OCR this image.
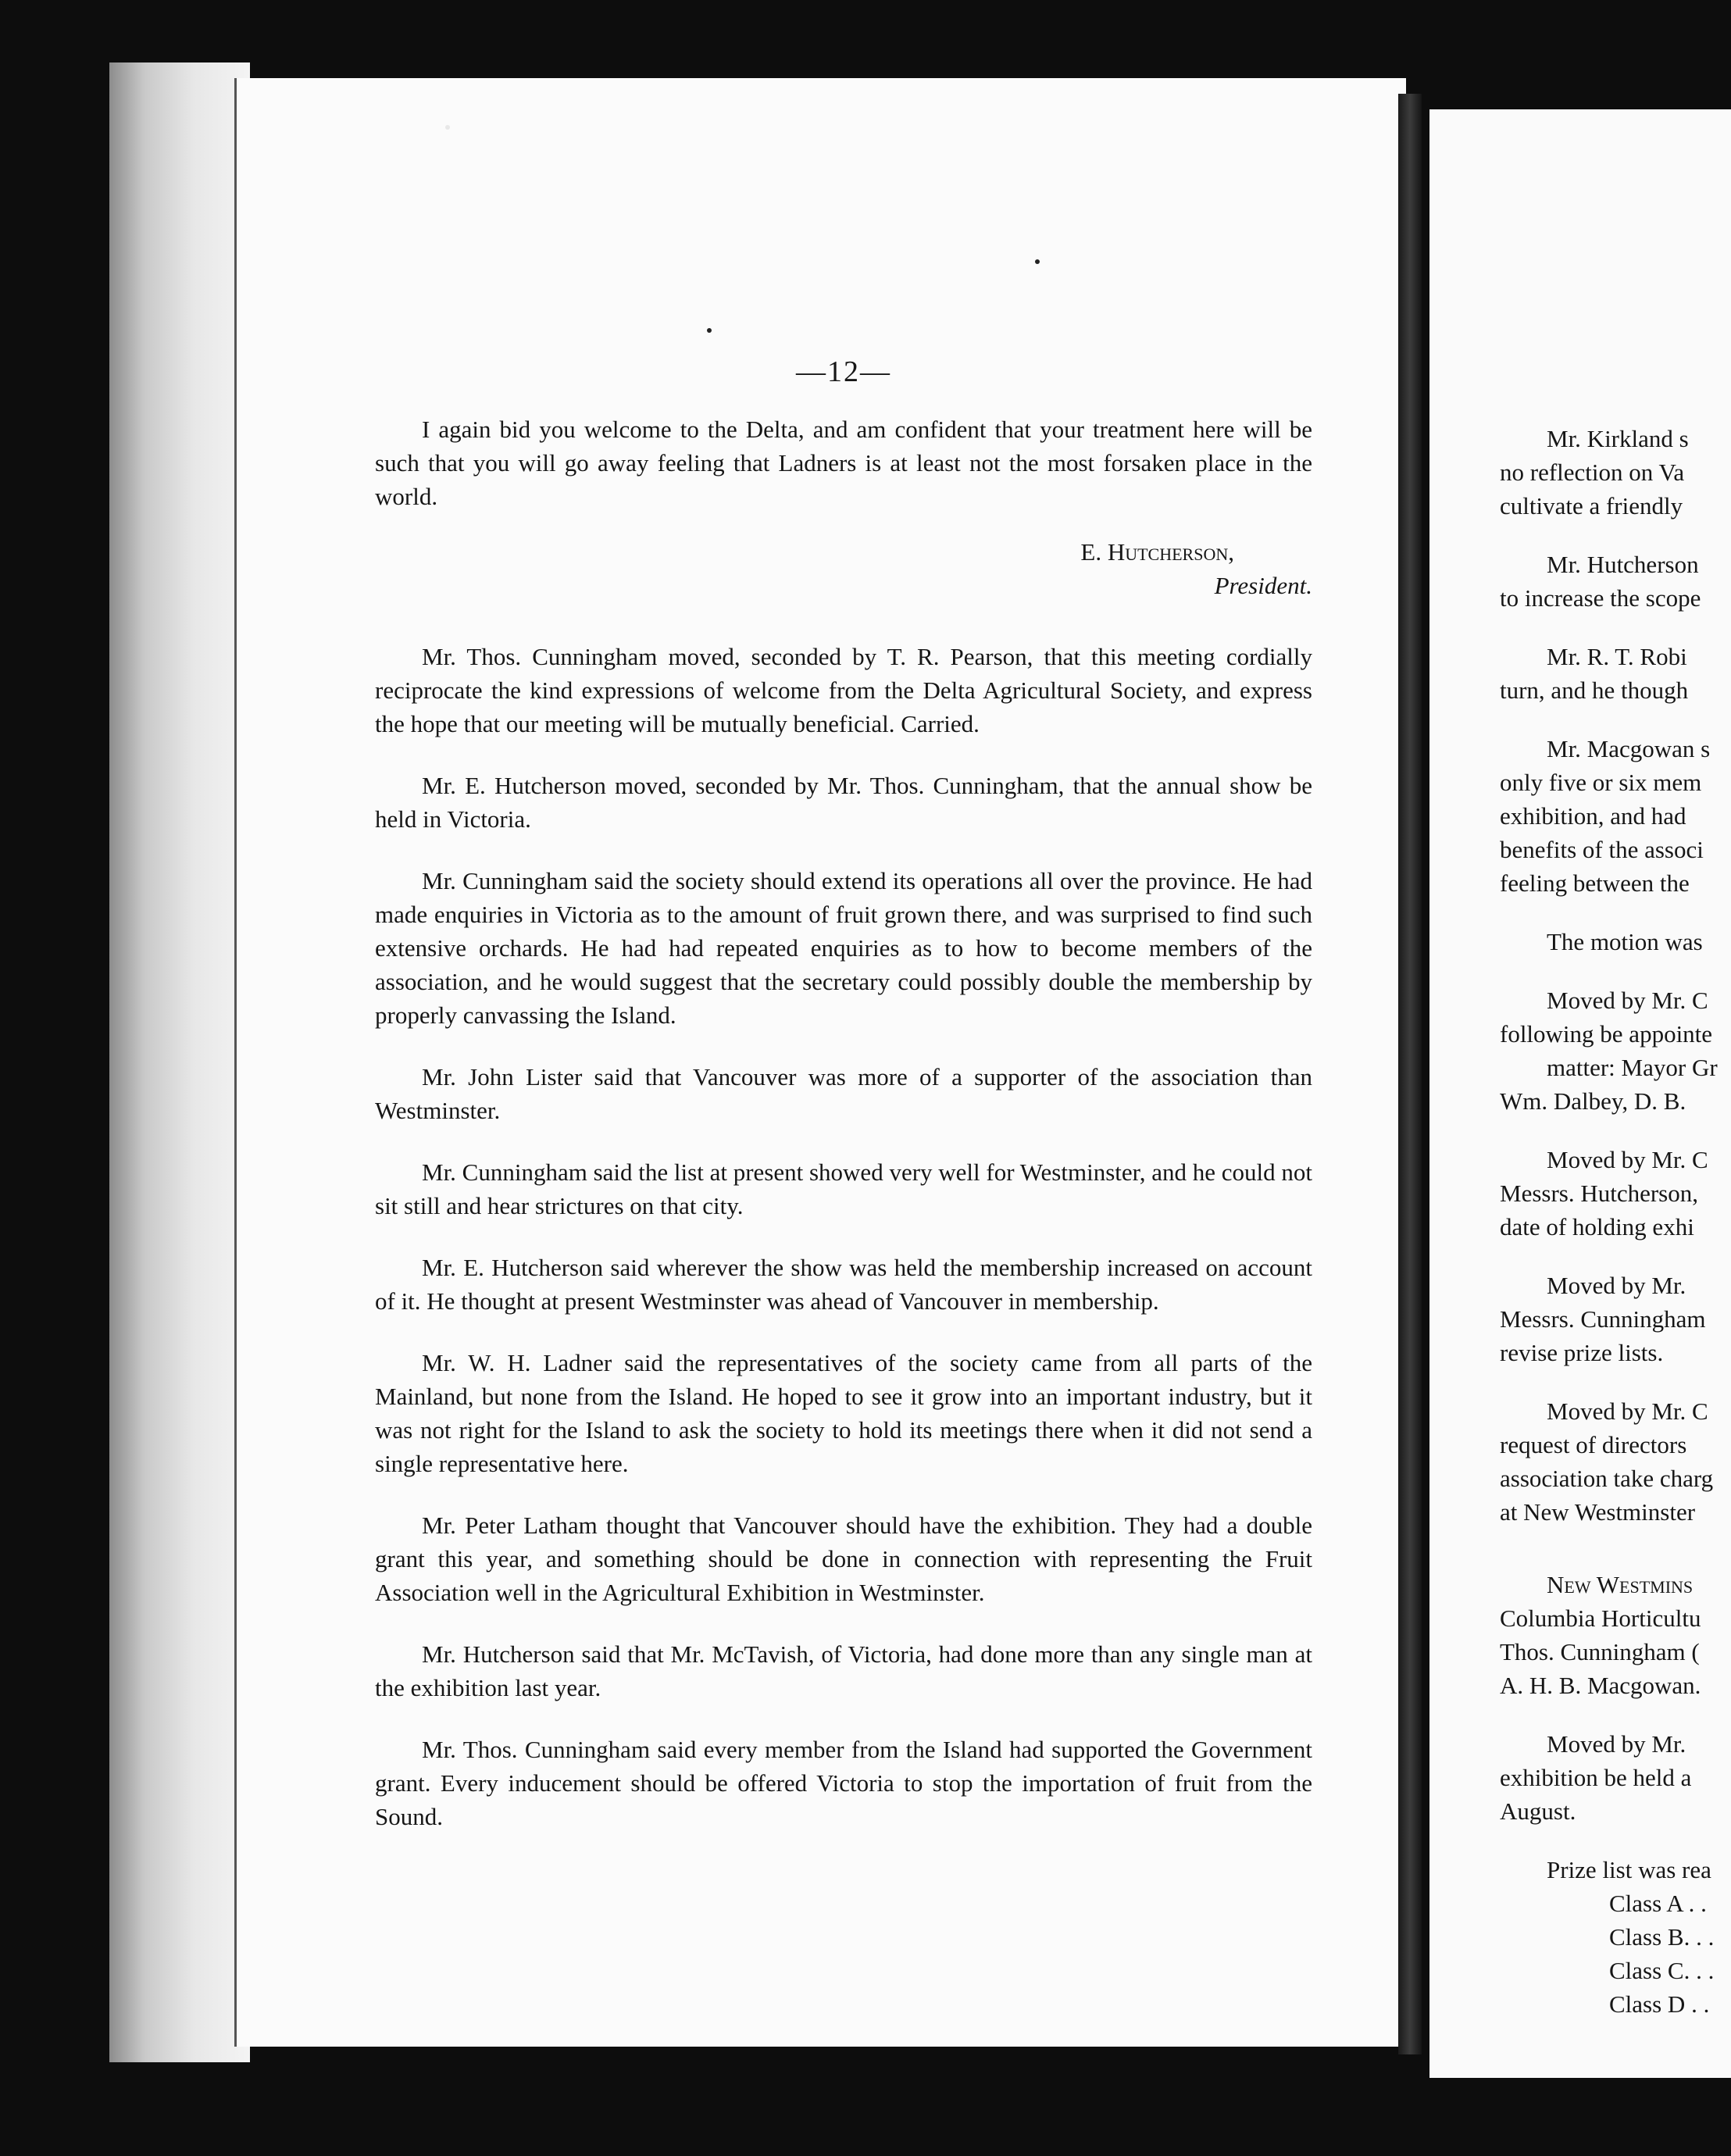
—12—

I again bid you welcome to the Delta, and am confident that your treatment here will be such that you will go away feeling that Ladners is at least not the most forsaken place in the world.

E. Hutcherson,
President.

Mr. Thos. Cunningham moved, seconded by T. R. Pearson, that this meeting cordially reciprocate the kind expressions of welcome from the Delta Agricultural Society, and express the hope that our meeting will be mutually beneficial. Carried.

Mr. E. Hutcherson moved, seconded by Mr. Thos. Cunningham, that the annual show be held in Victoria.

Mr. Cunningham said the society should extend its operations all over the province. He had made enquiries in Victoria as to the amount of fruit grown there, and was surprised to find such extensive orchards. He had had repeated enquiries as to how to become members of the association, and he would suggest that the secretary could possibly double the membership by properly canvassing the Island.

Mr. John Lister said that Vancouver was more of a supporter of the association than Westminster.

Mr. Cunningham said the list at present showed very well for Westminster, and he could not sit still and hear strictures on that city.

Mr. E. Hutcherson said wherever the show was held the membership increased on account of it. He thought at present Westminster was ahead of Vancouver in membership.

Mr. W. H. Ladner said the representatives of the society came from all parts of the Mainland, but none from the Island. He hoped to see it grow into an important industry, but it was not right for the Island to ask the society to hold its meetings there when it did not send a single representative here.

Mr. Peter Latham thought that Vancouver should have the exhibition. They had a double grant this year, and something should be done in connection with representing the Fruit Association well in the Agricultural Exhibition in Westminster.

Mr. Hutcherson said that Mr. McTavish, of Victoria, had done more than any single man at the exhibition last year.

Mr. Thos. Cunningham said every member from the Island had supported the Government grant. Every inducement should be offered Victoria to stop the importation of fruit from the Sound.

Mr. Kirkland s
no reflection on Va
cultivate a friendly
Mr. Hutcherson
to increase the scope
Mr. R. T. Robi
turn, and he though
Mr. Macgowan s
only five or six mem
exhibition, and had
benefits of the associ
feeling between the
The motion was
Moved by Mr. C
following be appointe
matter: Mayor Gr
Wm. Dalbey, D. B.
Moved by Mr. C
Messrs. Hutcherson,
date of holding exhi
Moved by Mr.
Messrs. Cunningham
revise prize lists.
Moved by Mr. C
request of directors
association take charg
at New Westminster
New Westmins
Columbia Horticultu
Thos. Cunningham (
A. H. B. Macgowan.
Moved by Mr.
exhibition be held a
August.
Prize list was rea
Class A . .
Class B. . .
Class C. . .
Class D . .
